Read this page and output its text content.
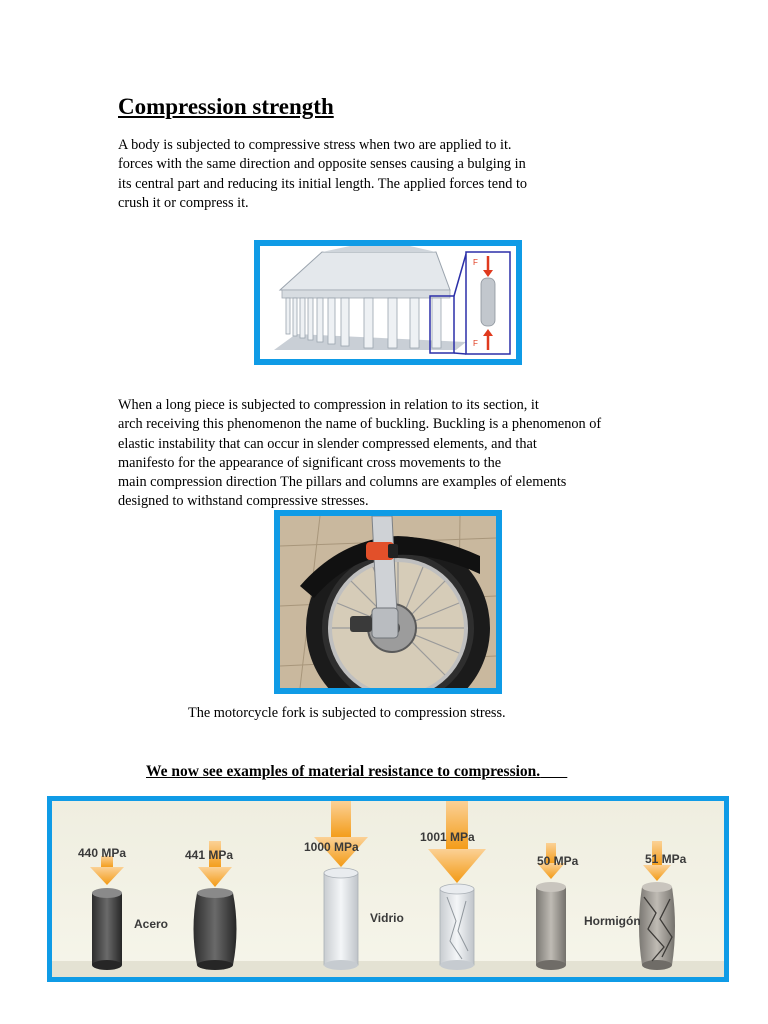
Compression strength
A body is subjected to compressive stress when two are applied to it.
forces with the same direction and opposite senses causing a bulging in
its central part and reducing its initial length. The applied forces tend to
crush it or compress it.
F
F
When a long piece is subjected to compression in relation to its section, it
arch receiving this phenomenon the name of buckling. Buckling is a phenomenon of
elastic instability that can occur in slender compressed elements, and that
manifesto for the appearance of significant cross movements to the
main compression direction The pillars and columns are examples of elements
designed to withstand compressive stresses.
The motorcycle fork is subjected to compression stress.
We now see examples of material resistance to compression.
440 MPa	441 MPa
1000 MPa
1001 MPa
50 MPa	51 MPa
Acero	Vidrio	Hormigón
